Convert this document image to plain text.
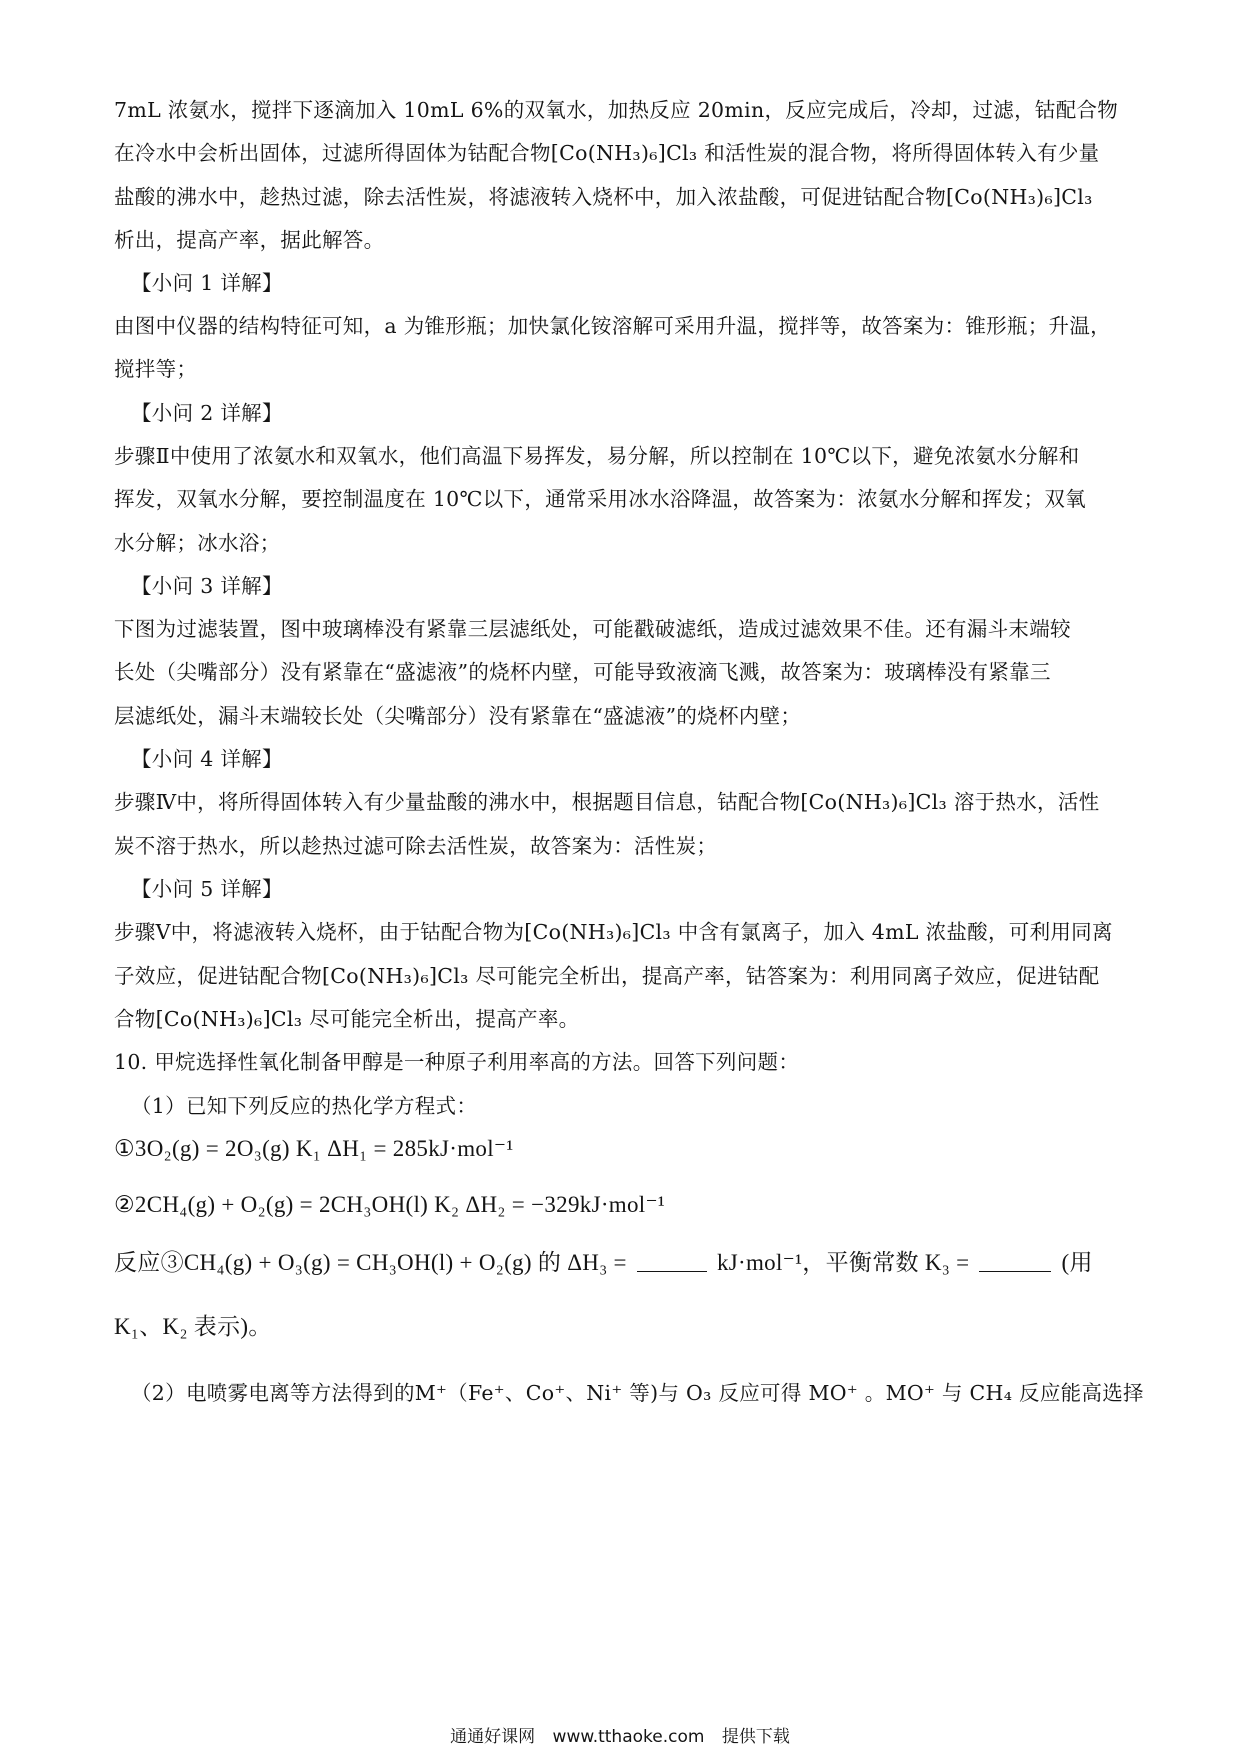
7mL 浓氨水，搅拌下逐滴加入 10mL 6%的双氧水，加热反应 20min，反应完成后，冷却，过滤，钴配合物
在冷水中会析出固体，过滤所得固体为钴配合物[Co(NH₃)₆]Cl₃ 和活性炭的混合物，将所得固体转入有少量
盐酸的沸水中，趁热过滤，除去活性炭，将滤液转入烧杯中，加入浓盐酸，可促进钴配合物[Co(NH₃)₆]Cl₃
析出，提高产率，据此解答。
【小问 1 详解】
由图中仪器的结构特征可知，a 为锥形瓶；加快氯化铵溶解可采用升温，搅拌等，故答案为：锥形瓶；升温，
搅拌等；
【小问 2 详解】
步骤Ⅱ中使用了浓氨水和双氧水，他们高温下易挥发，易分解，所以控制在 10℃以下，避免浓氨水分解和
挥发，双氧水分解，要控制温度在 10℃以下，通常采用冰水浴降温，故答案为：浓氨水分解和挥发；双氧
水分解；冰水浴；
【小问 3 详解】
下图为过滤装置，图中玻璃棒没有紧靠三层滤纸处，可能戳破滤纸，造成过滤效果不佳。还有漏斗末端较
长处（尖嘴部分）没有紧靠在“盛滤液”的烧杯内壁，可能导致液滴飞溅，故答案为：玻璃棒没有紧靠三
层滤纸处，漏斗末端较长处（尖嘴部分）没有紧靠在“盛滤液”的烧杯内壁；
【小问 4 详解】
步骤Ⅳ中，将所得固体转入有少量盐酸的沸水中，根据题目信息，钴配合物[Co(NH₃)₆]Cl₃ 溶于热水，活性
炭不溶于热水，所以趁热过滤可除去活性炭，故答案为：活性炭；
【小问 5 详解】
步骤Ⅴ中，将滤液转入烧杯，由于钴配合物为[Co(NH₃)₆]Cl₃ 中含有氯离子，加入 4mL 浓盐酸，可利用同离
子效应，促进钴配合物[Co(NH₃)₆]Cl₃ 尽可能完全析出，提高产率，钴答案为：利用同离子效应，促进钴配
合物[Co(NH₃)₆]Cl₃ 尽可能完全析出，提高产率。
10. 甲烷选择性氧化制备甲醇是一种原子利用率高的方法。回答下列问题：
（1）已知下列反应的热化学方程式：
①3O₂(g) = 2O₃(g) K₁ ΔH₁ = 285kJ·mol⁻¹
②2CH₄(g) + O₂(g) = 2CH₃OH(l) K₂ ΔH₂ = −329kJ·mol⁻¹
反应③CH₄(g) + O₃(g) = CH₃OH(l) + O₂(g) 的 ΔH₃ =	kJ·mol⁻¹，平衡常数 K₃ =	(用
K₁、K₂ 表示)。
（2）电喷雾电离等方法得到的M⁺（Fe⁺、Co⁺、Ni⁺ 等)与 O₃ 反应可得 MO⁺ 。MO⁺ 与 CH₄ 反应能高选择
通通好课网 www.tthaoke.com 提供下载
